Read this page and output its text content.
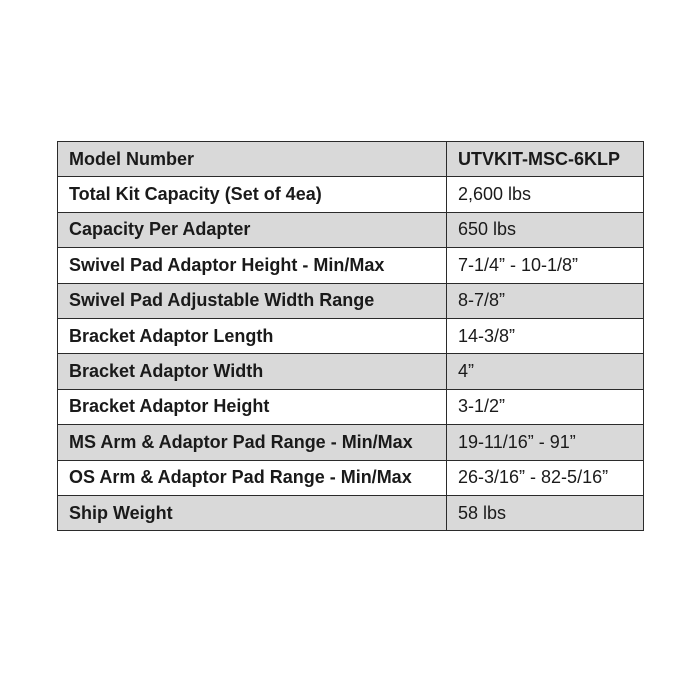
Model Number	UTVKIT-MSC-6KLP
Total Kit Capacity (Set of 4ea)	2,600 lbs
Capacity Per Adapter	650 lbs
Swivel Pad Adaptor Height - Min/Max	7-1/4” - 10-1/8”
Swivel Pad Adjustable Width Range	8-7/8”
Bracket Adaptor Length	14-3/8”
Bracket Adaptor Width	4”
Bracket Adaptor Height	3-1/2”
MS Arm & Adaptor Pad Range - Min/Max	19-11/16” - 91”
OS Arm & Adaptor Pad Range - Min/Max	26-3/16” - 82-5/16”
Ship Weight	58 lbs
